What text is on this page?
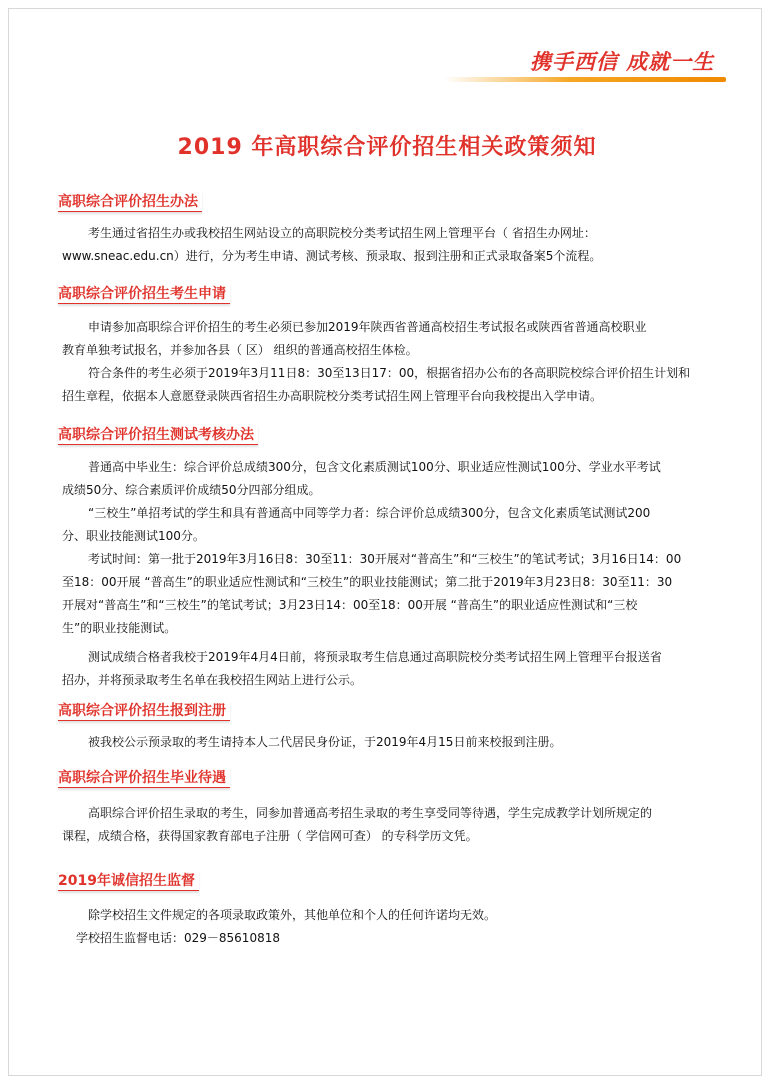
携手西信 成就一生
2019 年高职综合评价招生相关政策须知
高职综合评价招生办法
考生通过省招生办或我校招生网站设立的高职院校分类考试招生网上管理平台（ 省招生办网址：
www.sneac.edu.cn）进行，分为考生申请、测试考核、预录取、报到注册和正式录取备案5个流程。
高职综合评价招生考生申请
申请参加高职综合评价招生的考生必须已参加2019年陕西省普通高校招生考试报名或陕西省普通高校职业
教育单独考试报名，并参加各县（ 区） 组织的普通高校招生体检。
符合条件的考生必须于2019年3月11日8：30至13日17：00，根据省招办公布的各高职院校综合评价招生计划和
招生章程，依据本人意愿登录陕西省招生办高职院校分类考试招生网上管理平台向我校提出入学申请。
高职综合评价招生测试考核办法
普通高中毕业生：综合评价总成绩300分，包含文化素质测试100分、职业适应性测试100分、学业水平考试
成绩50分、综合素质评价成绩50分四部分组成。
“三校生”单招考试的学生和具有普通高中同等学力者：综合评价总成绩300分，包含文化素质笔试测试200
分、职业技能测试100分。
考试时间：第一批于2019年3月16日8：30至11：30开展对“普高生”和“三校生”的笔试考试；3月16日14：00
至18：00开展 “普高生”的职业适应性测试和“三校生”的职业技能测试；第二批于2019年3月23日8：30至11：30
开展对“普高生”和“三校生”的笔试考试；3月23日14：00至18：00开展 “普高生”的职业适应性测试和“三校
生”的职业技能测试。
测试成绩合格者我校于2019年4月4日前，将预录取考生信息通过高职院校分类考试招生网上管理平台报送省
招办，并将预录取考生名单在我校招生网站上进行公示。
高职综合评价招生报到注册
被我校公示预录取的考生请持本人二代居民身份证，于2019年4月15日前来校报到注册。
高职综合评价招生毕业待遇
高职综合评价招生录取的考生，同参加普通高考招生录取的考生享受同等待遇，学生完成教学计划所规定的
课程，成绩合格，获得国家教育部电子注册（ 学信网可查） 的专科学历文凭。
2019年诚信招生监督
除学校招生文件规定的各项录取政策外，其他单位和个人的任何许诺均无效。
学校招生监督电话：029－85610818
